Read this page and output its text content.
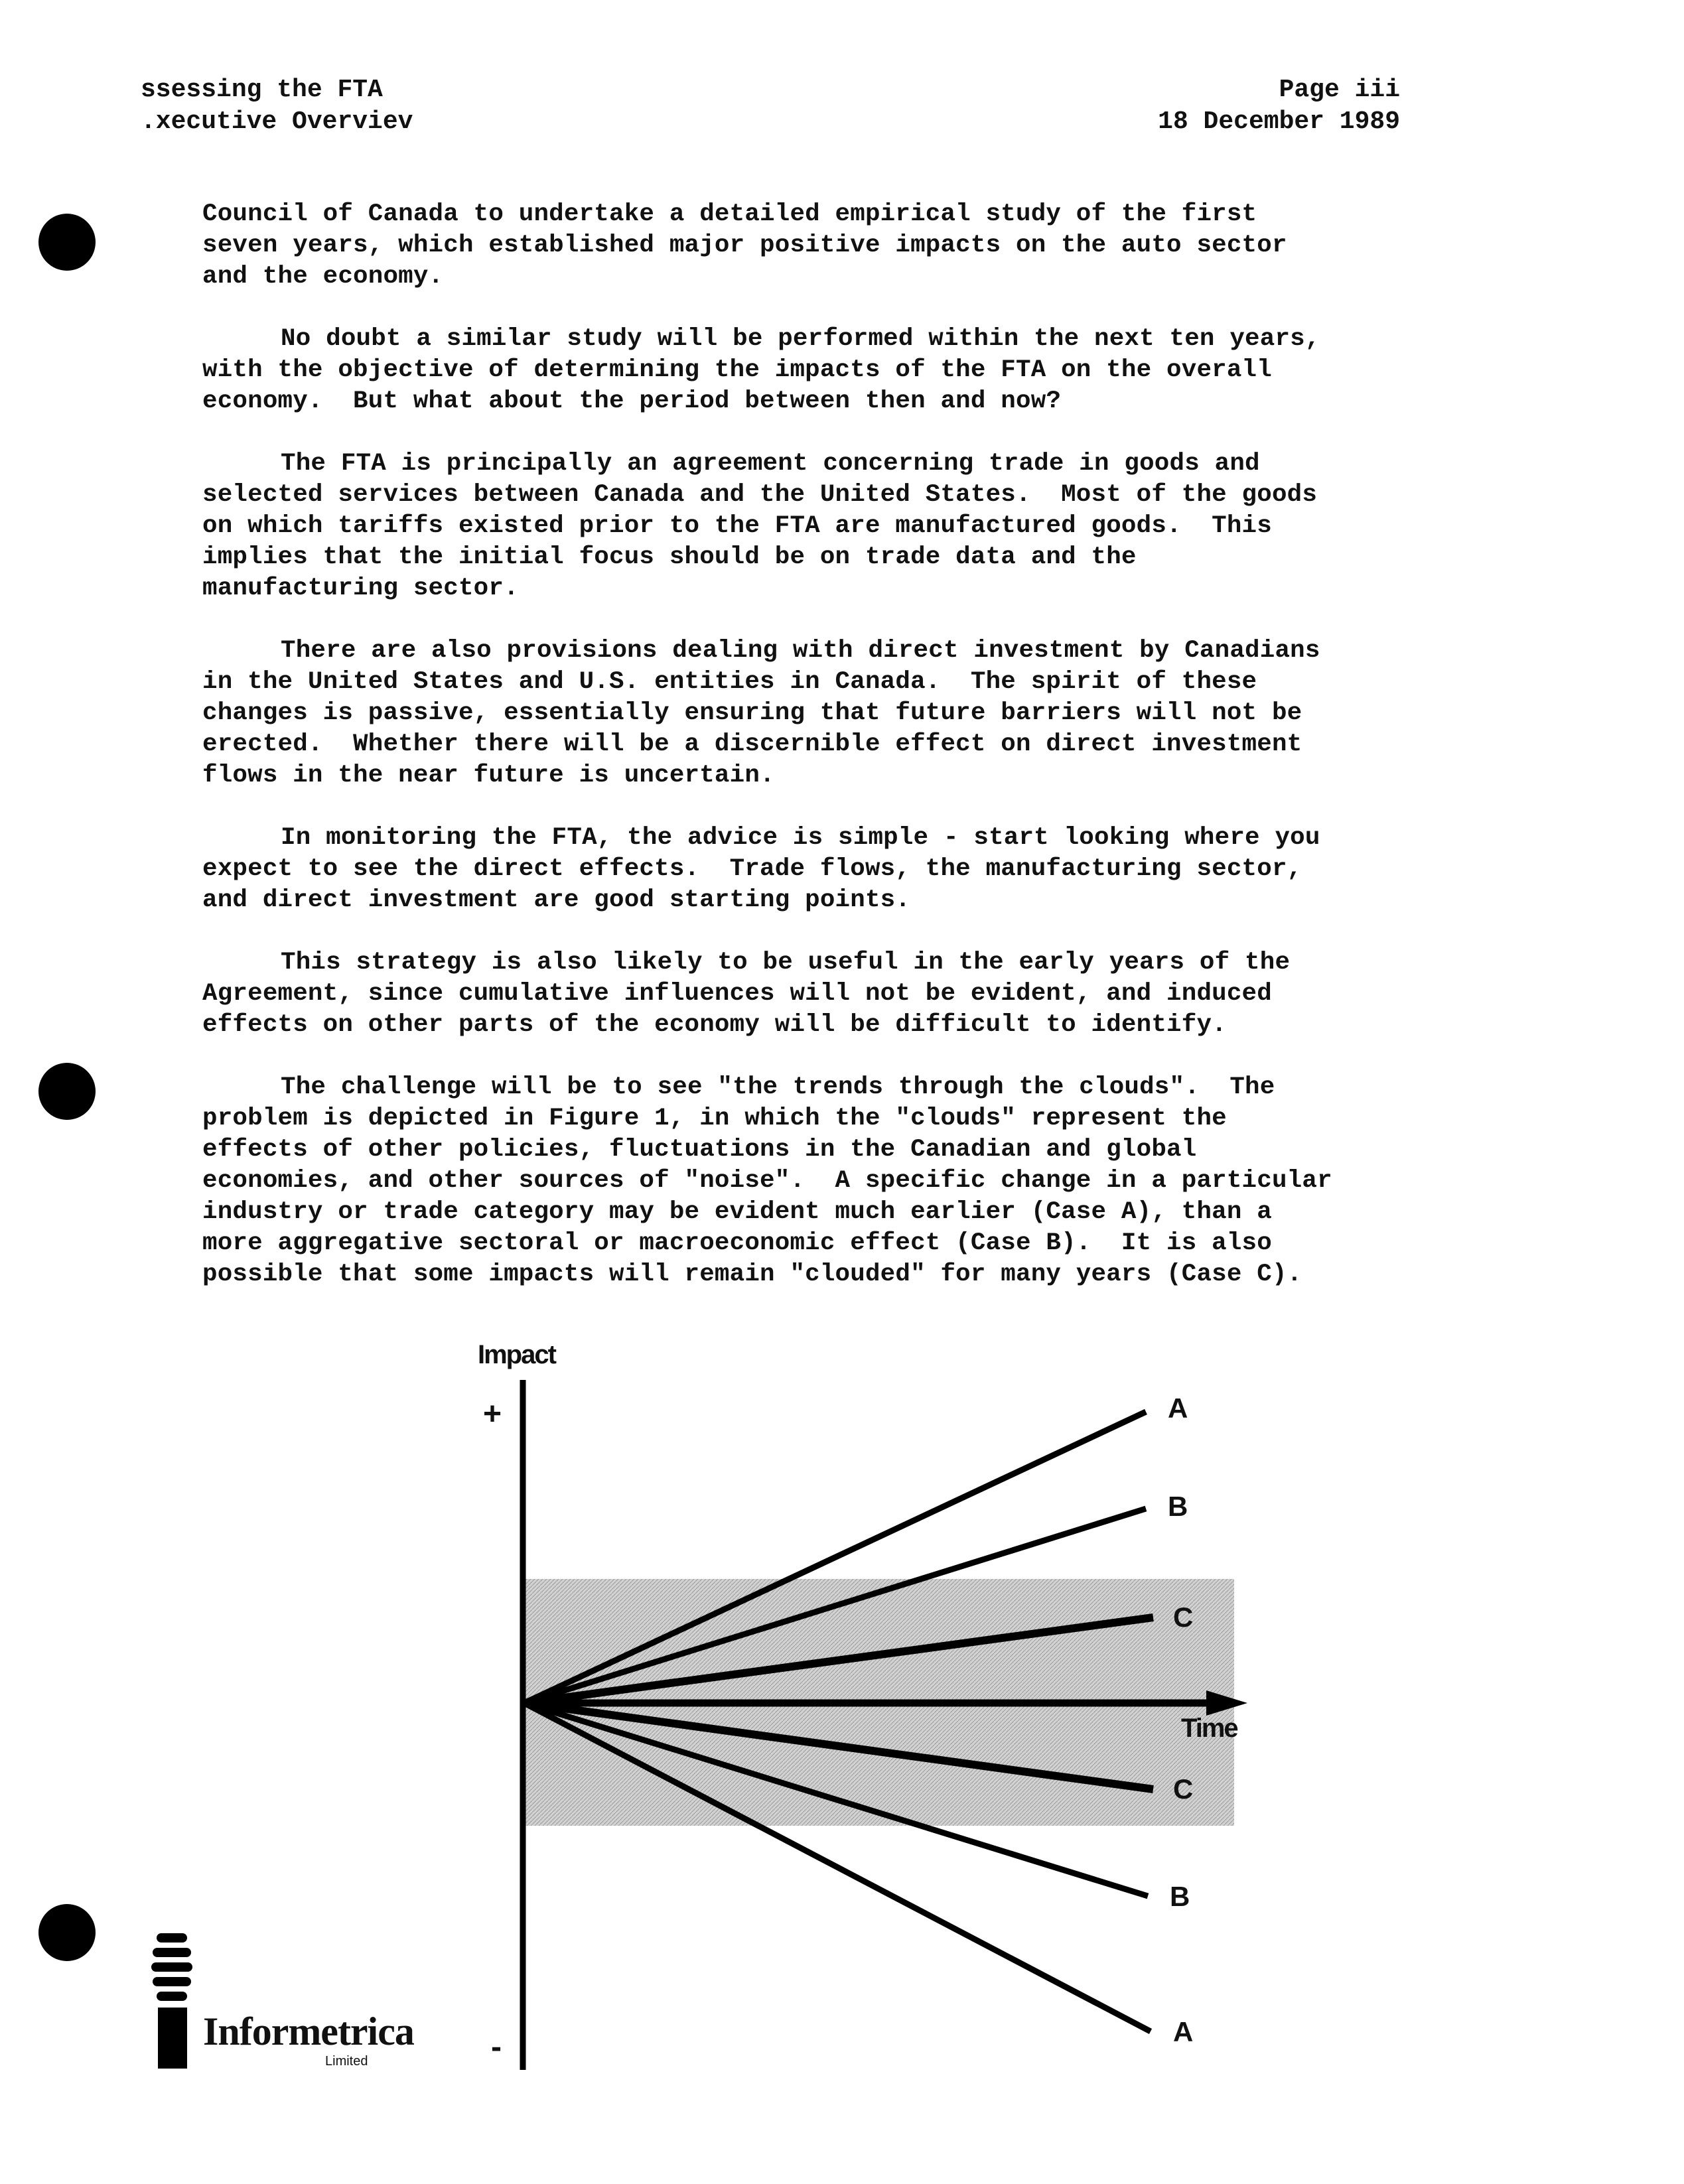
ssessing the FTA
.xecutive Overviev
Page iii
18 December 1989

Council of Canada to undertake a detailed empirical study of the first
seven years, which established major positive impacts on the auto sector
and the economy.

No doubt a similar study will be performed within the next ten years,
with the objective of determining the impacts of the FTA on the overall
economy.  But what about the period between then and now?

The FTA is principally an agreement concerning trade in goods and
selected services between Canada and the United States.  Most of the goods
on which tariffs existed prior to the FTA are manufactured goods.  This
implies that the initial focus should be on trade data and the
manufacturing sector.

There are also provisions dealing with direct investment by Canadians
in the United States and U.S. entities in Canada.  The spirit of these
changes is passive, essentially ensuring that future barriers will not be
erected.  Whether there will be a discernible effect on direct investment
flows in the near future is uncertain.

In monitoring the FTA, the advice is simple - start looking where you
expect to see the direct effects.  Trade flows, the manufacturing sector,
and direct investment are good starting points.

This strategy is also likely to be useful in the early years of the
Agreement, since cumulative influences will not be evident, and induced
effects on other parts of the economy will be difficult to identify.

The challenge will be to see "the trends through the clouds".  The
problem is depicted in Figure 1, in which the "clouds" represent the
effects of other policies, fluctuations in the Canadian and global
economies, and other sources of "noise".  A specific change in a particular
industry or trade category may be evident much earlier (Case A), than a
more aggregative sectoral or macroeconomic effect (Case B).  It is also
possible that some impacts will remain "clouded" for many years (Case C).

Impact
+
-
Time
A
B
C
C
B
A
Informetrica
Limited
